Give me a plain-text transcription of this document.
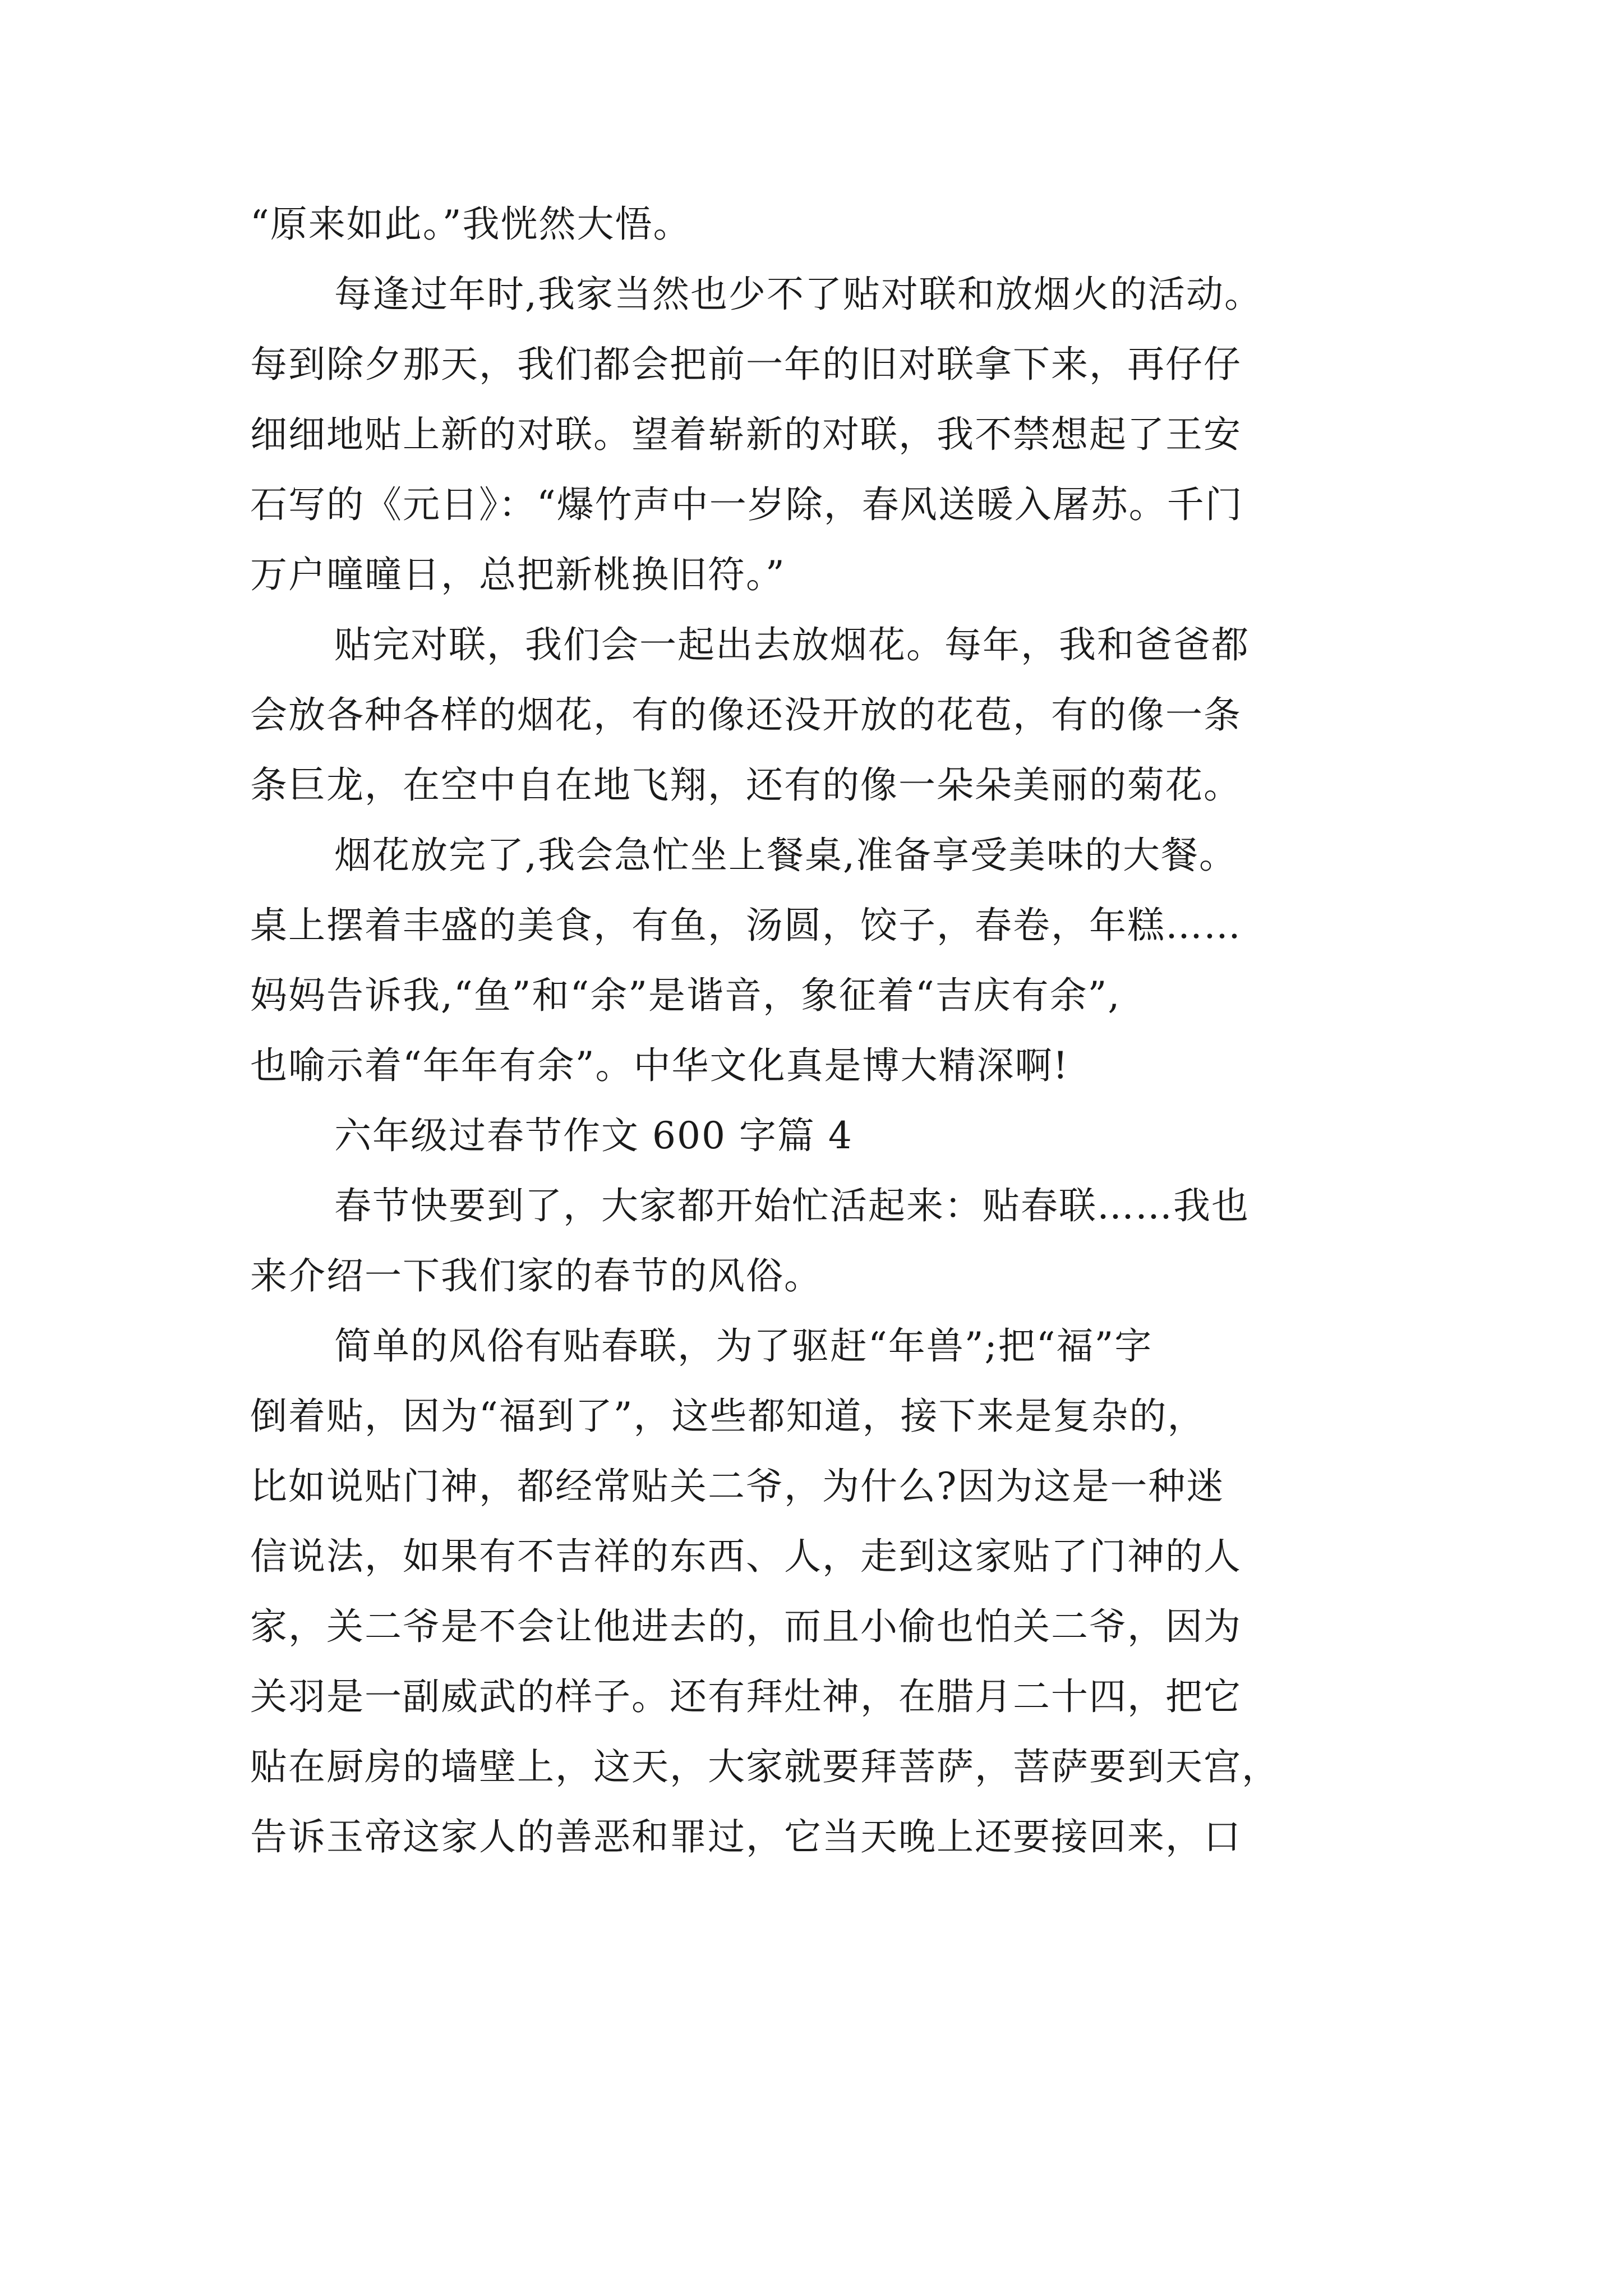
“原来如此。”我恍然大悟。
每逢过年时,我家当然也少不了贴对联和放烟火的活动。
每到除夕那天，我们都会把前一年的旧对联拿下来，再仔仔
细细地贴上新的对联。望着崭新的对联，我不禁想起了王安
石写的《元日》：“爆竹声中一岁除，春风送暖入屠苏。千门
万户曈曈日，总把新桃换旧符。”
贴完对联，我们会一起出去放烟花。每年，我和爸爸都
会放各种各样的烟花，有的像还没开放的花苞，有的像一条
条巨龙，在空中自在地飞翔，还有的像一朵朵美丽的菊花。
烟花放完了,我会急忙坐上餐桌,准备享受美味的大餐。
桌上摆着丰盛的美食，有鱼，汤圆，饺子，春卷，年糕……
妈妈告诉我,“鱼”和“余”是谐音，象征着“吉庆有余”,
也喻示着“年年有余”。中华文化真是博大精深啊!
六年级过春节作文 600 字篇 4
春节快要到了，大家都开始忙活起来：贴春联……我也
来介绍一下我们家的春节的风俗。
简单的风俗有贴春联，为了驱赶“年兽”;把“福”字
倒着贴，因为“福到了”，这些都知道，接下来是复杂的，
比如说贴门神，都经常贴关二爷，为什么?因为这是一种迷
信说法，如果有不吉祥的东西、人，走到这家贴了门神的人
家，关二爷是不会让他进去的，而且小偷也怕关二爷，因为
关羽是一副威武的样子。还有拜灶神，在腊月二十四，把它
贴在厨房的墙壁上，这天，大家就要拜菩萨，菩萨要到天宫，
告诉玉帝这家人的善恶和罪过，它当天晚上还要接回来，口
